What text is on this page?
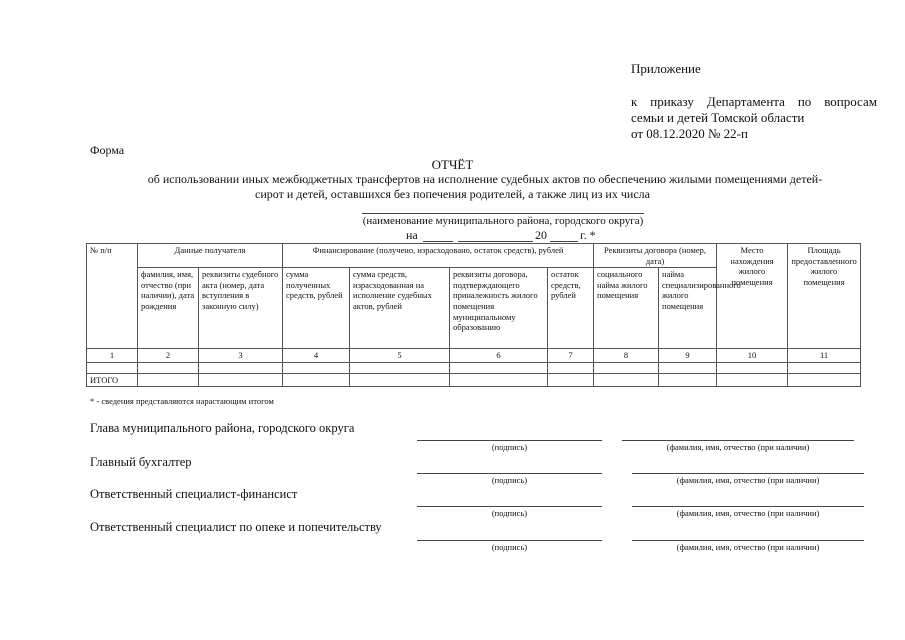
Приложение
к приказу Департамента по вопросам
семьи и детей Томской области
от 08.12.2020 № 22-п
Форма
ОТЧЁТ
об использовании иных межбюджетных трансфертов на исполнение судебных актов по обеспечению жилыми помещениями детей-
сирот и детей, оставшихся без попечения родителей, а также лиц из их числа
(наименование муниципального района, городского округа)
на	20	г. *
№ п/п	Данные получателя		Финансирование (получено, израсходовано, остаток средств), рублей				Реквизиты договора (номер, дата)		Место нахождения жилого помещения	Площадь предоставленного жилого помещения
	фамилия, имя, отчество (при наличии), дата рождения	реквизиты судебного акта (номер, дата вступления в законную силу)	сумма полученных средств, рублей	сумма средств, израсходованная на исполнение судебных актов, рублей	реквизиты договора, подтверждающего приналежность жилого помещения муниципальному образованию	остаток средств, рублей	социального найма жилого помещения	найма специализированного жилого помещения		
1	2	3	4	5	6	7	8	9	10	11

ИТОГО										
* - сведения представляются нарастающим итогом
Глава муниципального района, городского округа
(подпись)	(фамилия, имя, отчество (при наличии)
Главный бухгалтер
(подпись)	(фамилия, имя, отчество (при наличии)
Ответственный специалист-финансист
(подпись)	(фамилия, имя, отчество (при наличии)
Ответственный специалист по опеке и попечительству
(подпись)	(фамилия, имя, отчество (при наличии)
